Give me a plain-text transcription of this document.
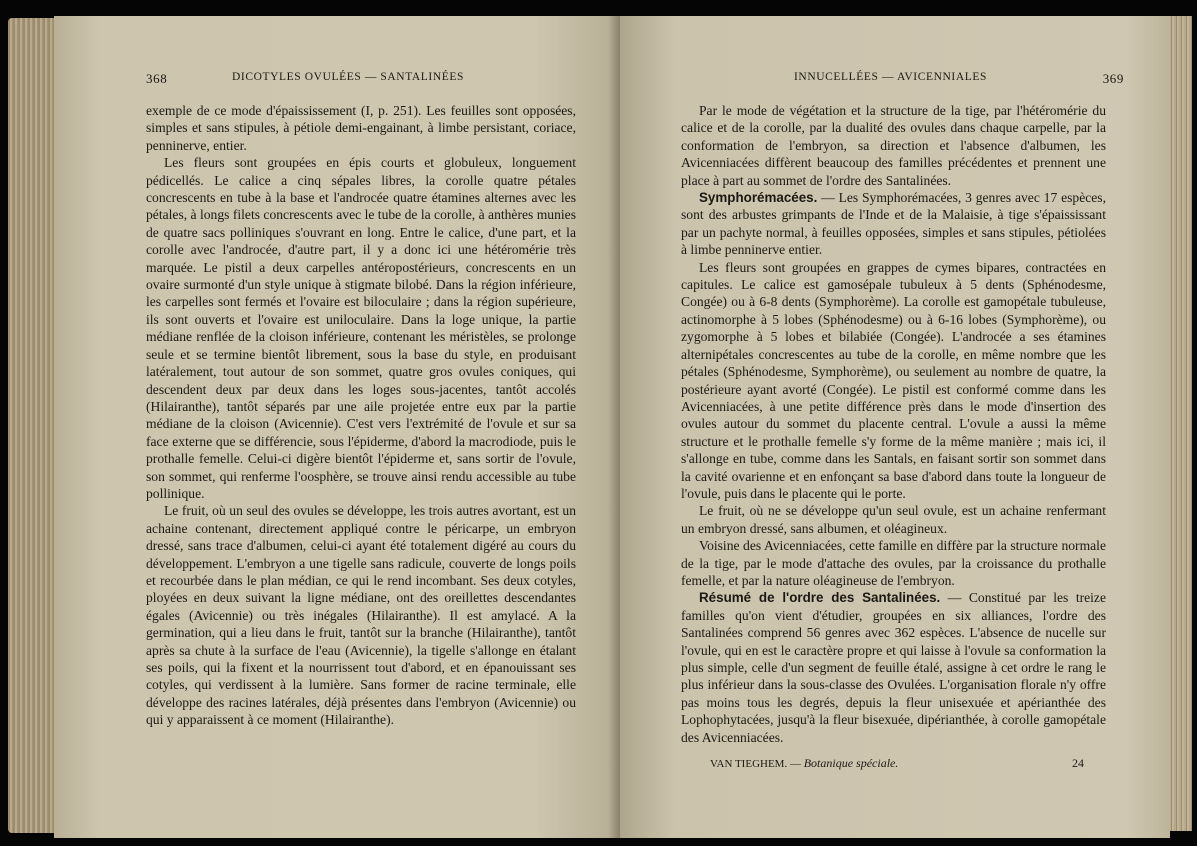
368	DICOTYLES OVULÉES — SANTALINÉES

exemple de ce mode d'épaississement (I, p. 251). Les feuilles sont opposées, simples et sans stipules, à pétiole demi-engainant, à limbe persistant, coriace, penninerve, entier.

Les fleurs sont groupées en épis courts et globuleux, longuement pédicellés. Le calice a cinq sépales libres, la corolle quatre pétales concrescents en tube à la base et l'androcée quatre étamines alternes avec les pétales, à longs filets concrescents avec le tube de la corolle, à anthères munies de quatre sacs polliniques s'ouvrant en long. Entre le calice, d'une part, et la corolle avec l'androcée, d'autre part, il y a donc ici une hétéromérie très marquée. Le pistil a deux carpelles antéropostérieurs, concrescents en un ovaire surmonté d'un style unique à stigmate bilobé. Dans la région inférieure, les carpelles sont fermés et l'ovaire est biloculaire ; dans la région supérieure, ils sont ouverts et l'ovaire est uniloculaire. Dans la loge unique, la partie médiane renflée de la cloison inférieure, contenant les méristèles, se prolonge seule et se termine bientôt librement, sous la base du style, en produisant latéralement, tout autour de son sommet, quatre gros ovules coniques, qui descendent deux par deux dans les loges sous-jacentes, tantôt accolés (Hilairanthe), tantôt séparés par une aile projetée entre eux par la partie médiane de la cloison (Avicennie). C'est vers l'extrémité de l'ovule et sur sa face externe que se différencie, sous l'épiderme, d'abord la macrodiode, puis le prothalle femelle. Celui-ci digère bientôt l'épiderme et, sans sortir de l'ovule, son sommet, qui renferme l'oosphère, se trouve ainsi rendu accessible au tube pollinique.

Le fruit, où un seul des ovules se développe, les trois autres avortant, est un achaine contenant, directement appliqué contre le péricarpe, un embryon dressé, sans trace d'albumen, celui-ci ayant été totalement digéré au cours du développement. L'embryon a une tigelle sans radicule, couverte de longs poils et recourbée dans le plan médian, ce qui le rend incombant. Ses deux cotyles, ployées en deux suivant la ligne médiane, ont des oreillettes descendantes égales (Avicennie) ou très inégales (Hilairanthe). Il est amylacé. A la germination, qui a lieu dans le fruit, tantôt sur la branche (Hilairanthe), tantôt après sa chute à la surface de l'eau (Avicennie), la tigelle s'allonge en étalant ses poils, qui la fixent et la nourrissent tout d'abord, et en épanouissant ses cotyles, qui verdissent à la lumière. Sans former de racine terminale, elle développe des racines latérales, déjà présentes dans l'embryon (Avicennie) ou qui y apparaissent à ce moment (Hilairanthe).

INNUCELLÉES — AVICENNIALES	369

Par le mode de végétation et la structure de la tige, par l'hétéromérie du calice et de la corolle, par la dualité des ovules dans chaque carpelle, par la conformation de l'embryon, sa direction et l'absence d'albumen, les Avicenniacées diffèrent beaucoup des familles précédentes et prennent une place à part au sommet de l'ordre des Santalinées.

Symphorémacées. — Les Symphorémacées, 3 genres avec 17 espèces, sont des arbustes grimpants de l'Inde et de la Malaisie, à tige s'épaississant par un pachyte normal, à feuilles opposées, simples et sans stipules, pétiolées à limbe penninerve entier.

Les fleurs sont groupées en grappes de cymes bipares, contractées en capitules. Le calice est gamosépale tubuleux à 5 dents (Sphénodesme, Congée) ou à 6-8 dents (Symphorème). La corolle est gamopétale tubuleuse, actinomorphe à 5 lobes (Sphénodesme) ou à 6-16 lobes (Symphorème), ou zygomorphe à 5 lobes et bilabiée (Congée). L'androcée a ses étamines alternipétales concrescentes au tube de la corolle, en même nombre que les pétales (Sphénodesme, Symphorème), ou seulement au nombre de quatre, la postérieure ayant avorté (Congée). Le pistil est conformé comme dans les Avicenniacées, à une petite différence près dans le mode d'insertion des ovules autour du sommet du placente central. L'ovule a aussi la même structure et le prothalle femelle s'y forme de la même manière ; mais ici, il s'allonge en tube, comme dans les Santals, en faisant sortir son sommet dans la cavité ovarienne et en enfonçant sa base d'abord dans toute la longueur de l'ovule, puis dans le placente qui le porte.

Le fruit, où ne se développe qu'un seul ovule, est un achaine renfermant un embryon dressé, sans albumen, et oléagineux.

Voisine des Avicenniacées, cette famille en diffère par la structure normale de la tige, par le mode d'attache des ovules, par la croissance du prothalle femelle, et par la nature oléagineuse de l'embryon.

Résumé de l'ordre des Santalinées. — Constitué par les treize familles qu'on vient d'étudier, groupées en six alliances, l'ordre des Santalinées comprend 56 genres avec 362 espèces. L'absence de nucelle sur l'ovule, qui en est le caractère propre et qui laisse à l'ovule sa conformation la plus simple, celle d'un segment de feuille étalé, assigne à cet ordre le rang le plus inférieur dans la sous-classe des Ovulées. L'organisation florale n'y offre pas moins tous les degrés, depuis la fleur unisexuée et apérianthée des Lophophytacées, jusqu'à la fleur bisexuée, dipérianthée, à corolle gamopétale des Avicenniacées.

VAN TIEGHEM. — Botanique spéciale.	24
